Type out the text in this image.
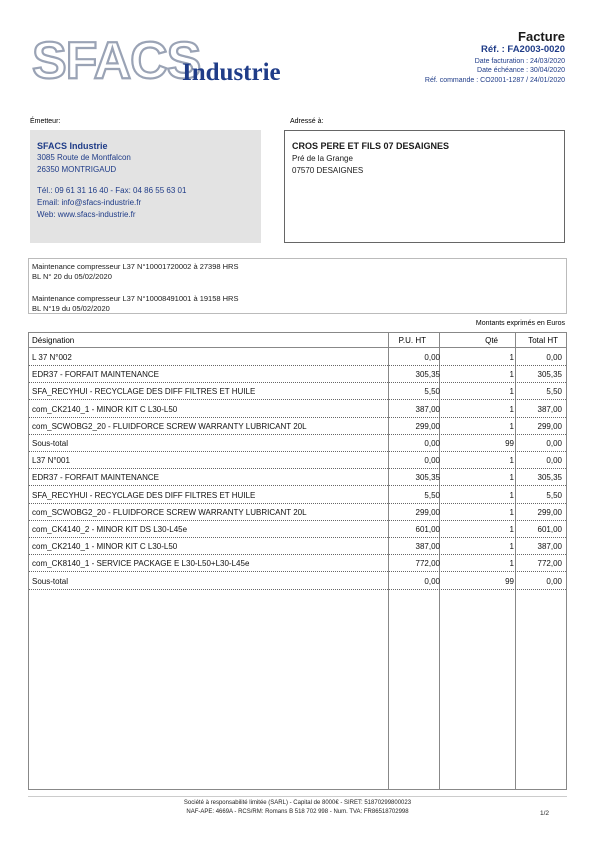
SFACS
Industrie
Facture
Réf. : FA2003-0020
Date facturation : 24/03/2020
Date échéance : 30/04/2020
Réf. commande : CO2001-1287 / 24/01/2020
Émetteur:	Adressé à:
SFACS Industrie
3085 Route de Montfalcon
26350 MONTRIGAUD
Tél.: 09 61 31 16 40 - Fax: 04 86 55 63 01
Email: info@sfacs-industrie.fr
Web: www.sfacs-industrie.fr
CROS PERE ET FILS 07 DESAIGNES
Pré de la Grange
07570 DESAIGNES
Maintenance compresseur L37 N°10001720002 à 27398 HRS
BL N° 20 du 05/02/2020
Maintenance compresseur L37 N°10008491001 à 19158 HRS
BL N°19 du 05/02/2020
Montants exprimés en Euros
Désignation	P.U. HT	Qté	Total HT
L 37 N°002	0,00	1	0,00
EDR37 - FORFAIT MAINTENANCE	305,35	1	305,35
SFA_RECYHUI - RECYCLAGE DES DIFF FILTRES ET HUILE	5,50	1	5,50
com_CK2140_1 - MINOR KIT C L30-L50	387,00	1	387,00
com_SCWOBG2_20 - FLUIDFORCE SCREW WARRANTY LUBRICANT 20L	299,00	1	299,00
Sous-total	0,00	99	0,00
L37 N°001	0,00	1	0,00
EDR37 - FORFAIT MAINTENANCE	305,35	1	305,35
SFA_RECYHUI - RECYCLAGE DES DIFF FILTRES ET HUILE	5,50	1	5,50
com_SCWOBG2_20 - FLUIDFORCE SCREW WARRANTY LUBRICANT 20L	299,00	1	299,00
com_CK4140_2 - MINOR KIT DS L30-L45e	601,00	1	601,00
com_CK2140_1 - MINOR KIT C L30-L50	387,00	1	387,00
com_CK8140_1 - SERVICE PACKAGE E L30-L50+L30-L45e	772,00	1	772,00
Sous-total	0,00	99	0,00
Société à responsabilité limitée (SARL) - Capital de 8000€ - SIRET: 51870299800023
NAF-APE: 4669A - RCS/RM: Romans B 518 702 998 - Num. TVA: FR86518702998	1/2
